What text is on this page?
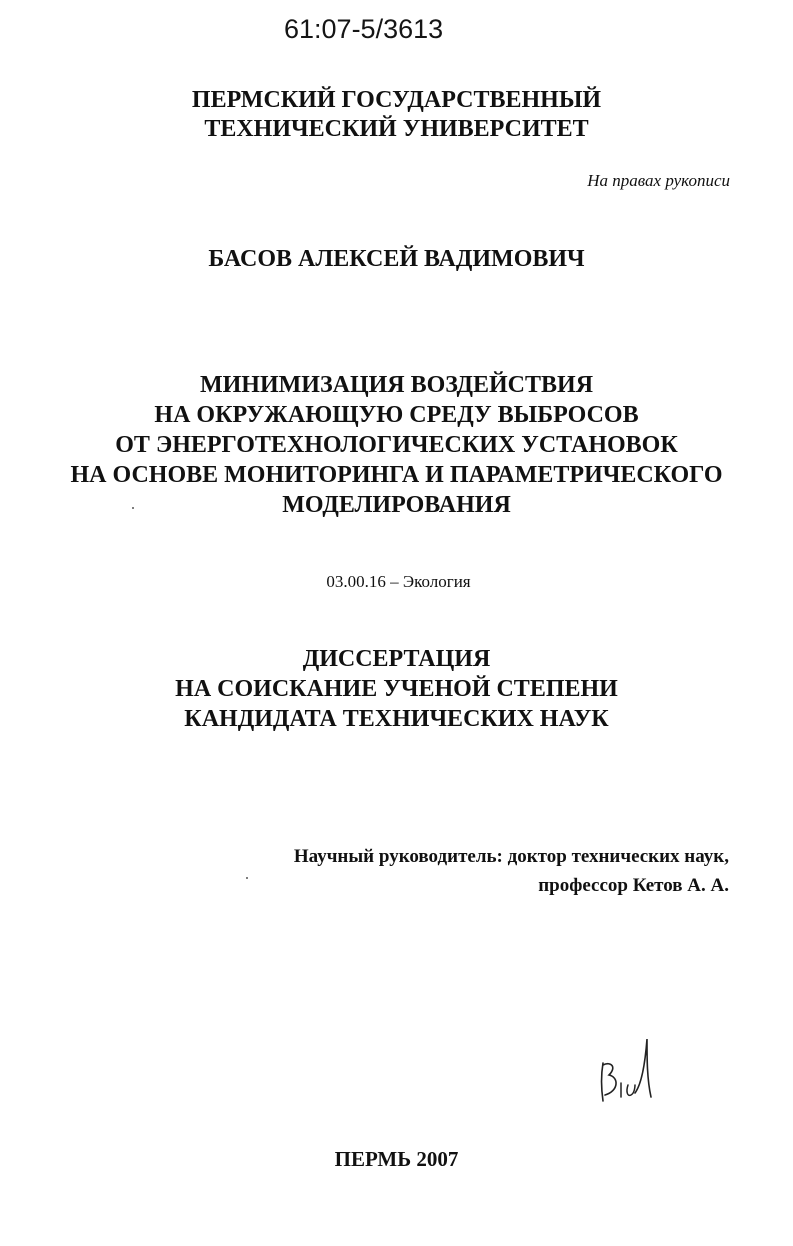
61:07-5/3613
ПЕРМСКИЙ ГОСУДАРСТВЕННЫЙ
ТЕХНИЧЕСКИЙ УНИВЕРСИТЕТ
На правах рукописи
БАСОВ АЛЕКСЕЙ ВАДИМОВИЧ
МИНИМИЗАЦИЯ ВОЗДЕЙСТВИЯ
НА ОКРУЖАЮЩУЮ СРЕДУ ВЫБРОСОВ
ОТ ЭНЕРГОТЕХНОЛОГИЧЕСКИХ УСТАНОВОК
НА ОСНОВЕ МОНИТОРИНГА И ПАРАМЕТРИЧЕСКОГО
МОДЕЛИРОВАНИЯ
03.00.16 – Экология
ДИССЕРТАЦИЯ
НА СОИСКАНИЕ УЧЕНОЙ СТЕПЕНИ
КАНДИДАТА ТЕХНИЧЕСКИХ НАУК
Научный руководитель: доктор технических наук,
профессор Кетов А. А.
ПЕРМЬ 2007
